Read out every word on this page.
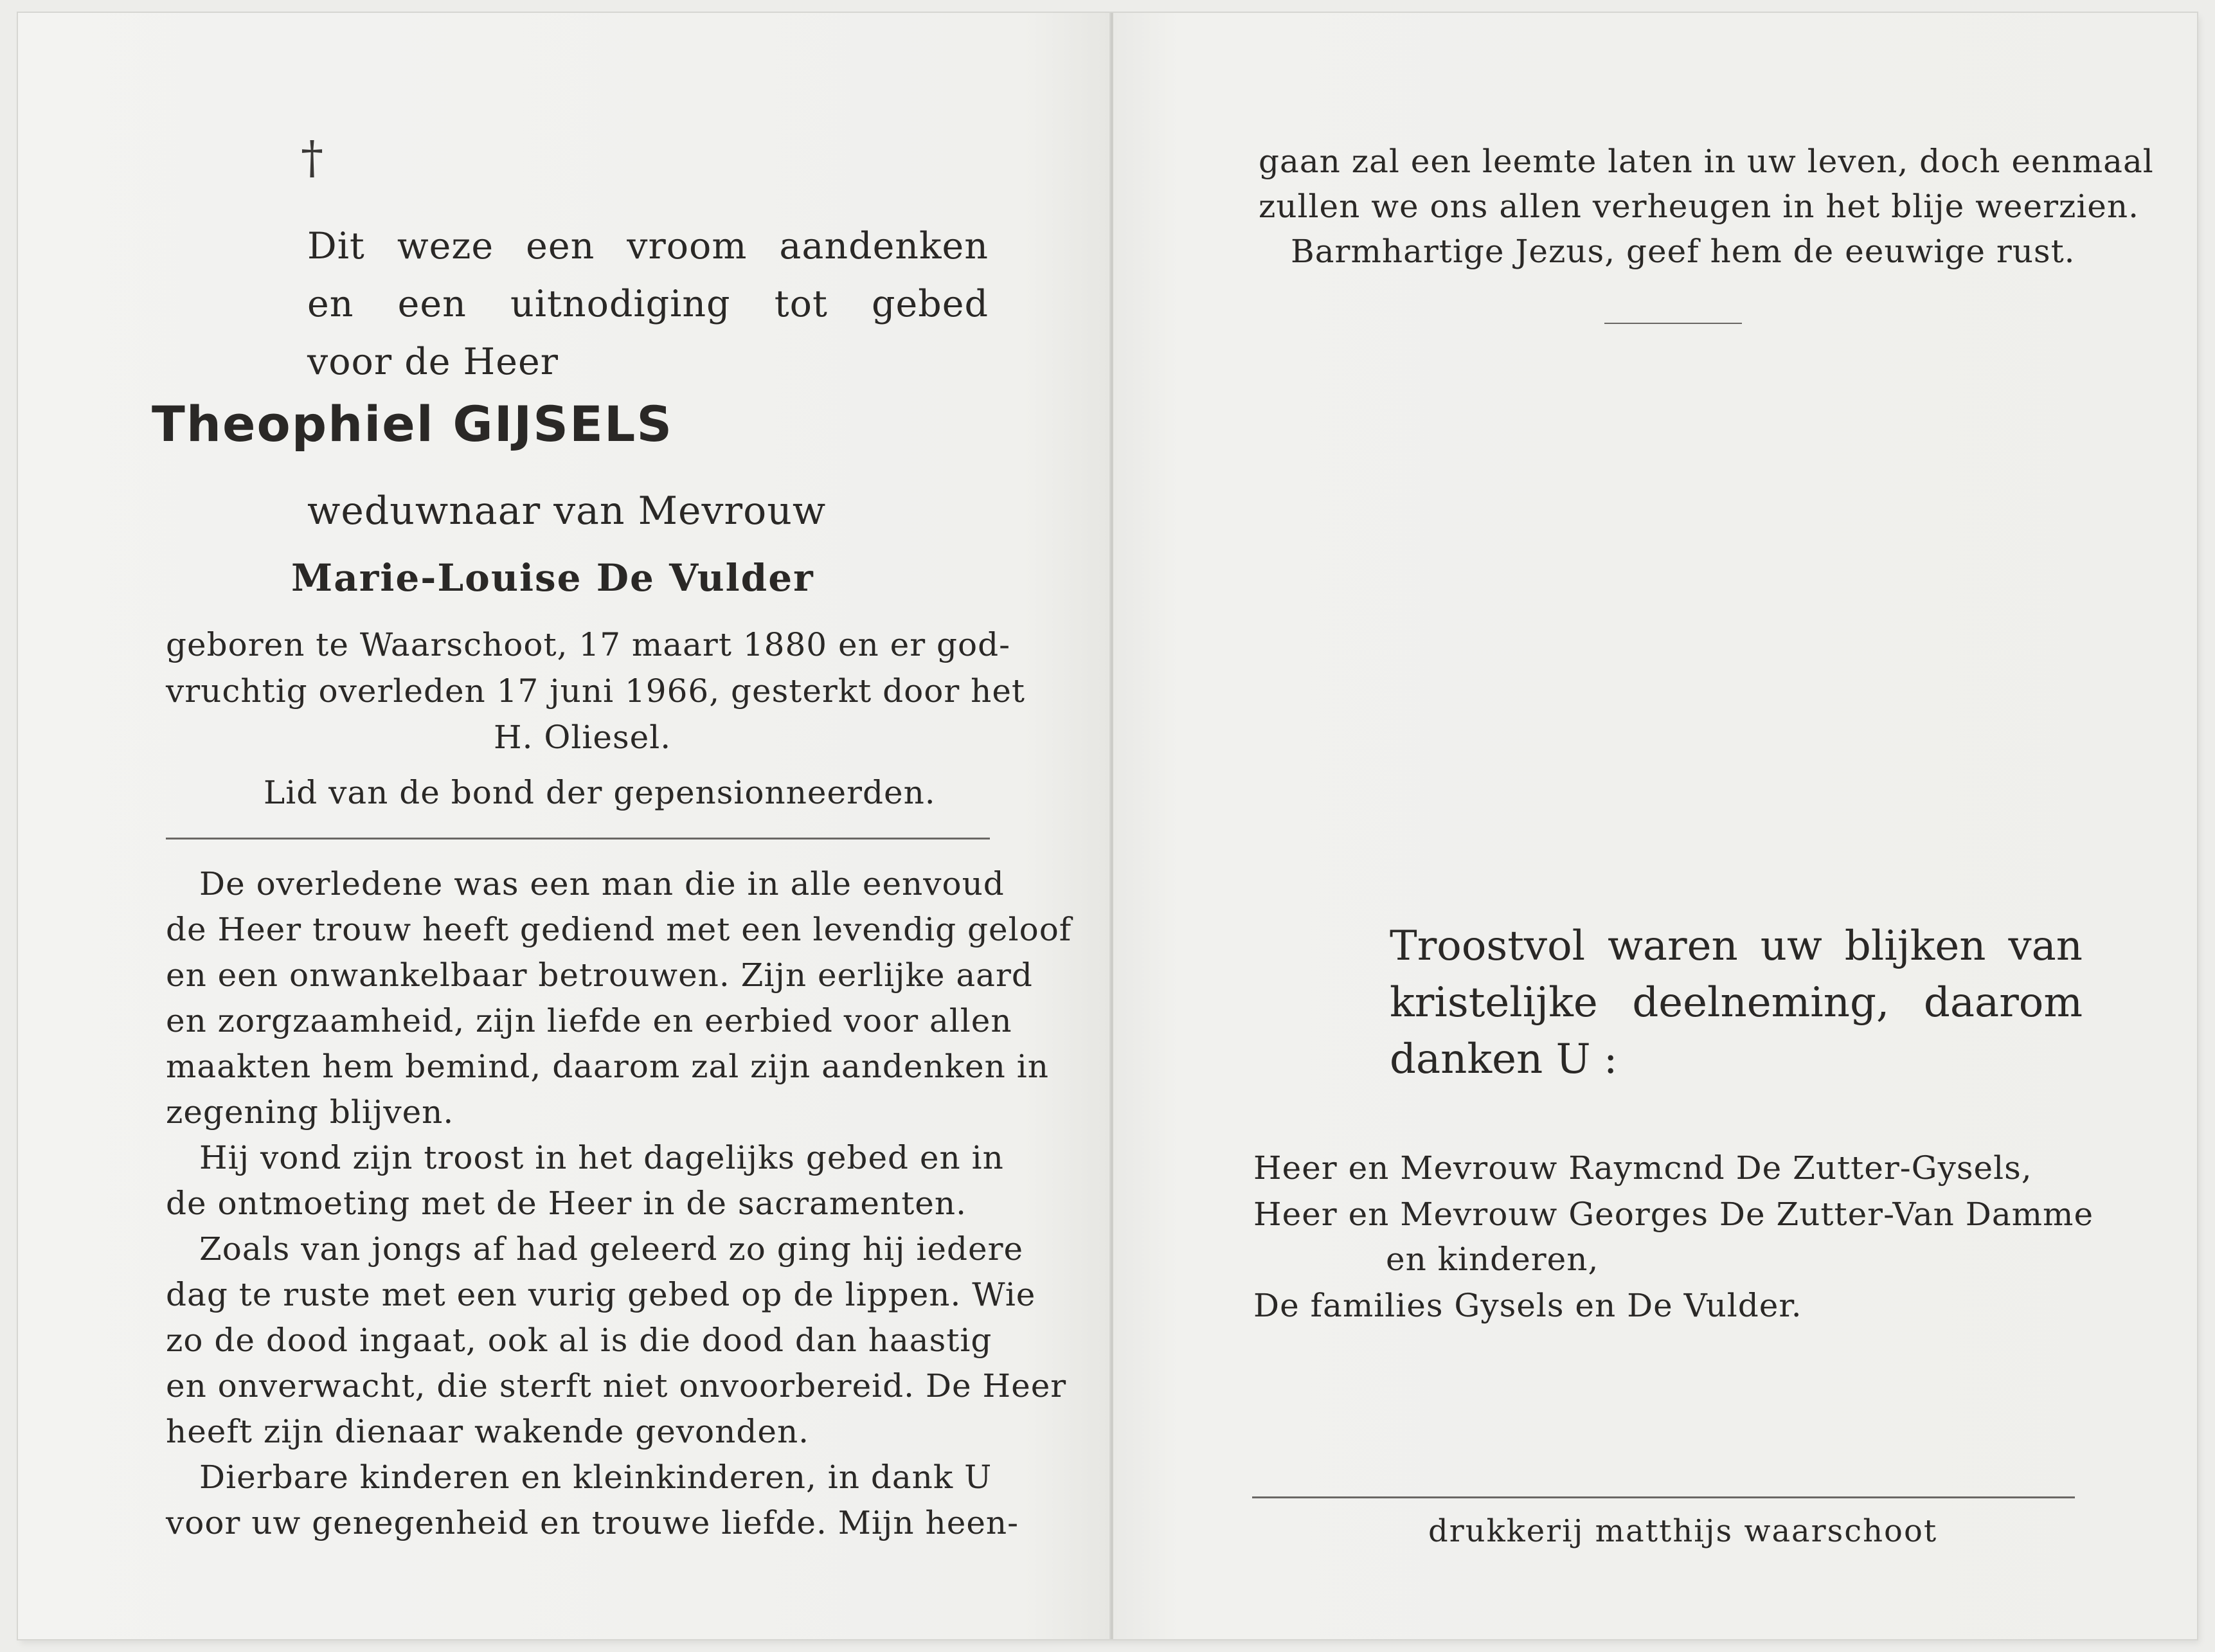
†
Dit weze een vroom aandenken
en een uitnodiging tot gebed
voor de Heer
Theophiel GIJSELS
weduwnaar van Mevrouw
Marie-Louise De Vulder
geboren te Waarschoot, 17 maart 1880 en er god-
vruchtig overleden 17 juni 1966, gesterkt door het
H. Oliesel.
Lid van de bond der gepensionneerden.
De overledene was een man die in alle eenvoud
de Heer trouw heeft gediend met een levendig geloof
en een onwankelbaar betrouwen. Zijn eerlijke aard
en zorgzaamheid, zijn liefde en eerbied voor allen
maakten hem bemind, daarom zal zijn aandenken in
zegening blijven.
Hij vond zijn troost in het dagelijks gebed en in
de ontmoeting met de Heer in de sacramenten.
Zoals van jongs af had geleerd zo ging hij iedere
dag te ruste met een vurig gebed op de lippen. Wie
zo de dood ingaat, ook al is die dood dan haastig
en onverwacht, die sterft niet onvoorbereid. De Heer
heeft zijn dienaar wakende gevonden.
Dierbare kinderen en kleinkinderen, in dank U
voor uw genegenheid en trouwe liefde. Mijn heen-
gaan zal een leemte laten in uw leven, doch eenmaal
zullen we ons allen verheugen in het blije weerzien.
Barmhartige Jezus, geef hem de eeuwige rust.
Troostvol waren uw blijken van
kristelijke deelneming, daarom
danken U :
Heer en Mevrouw Raymcnd De Zutter-Gysels,
Heer en Mevrouw Georges De Zutter-Van Damme
en kinderen,
De families Gysels en De Vulder.
drukkerij matthijs waarschoot
